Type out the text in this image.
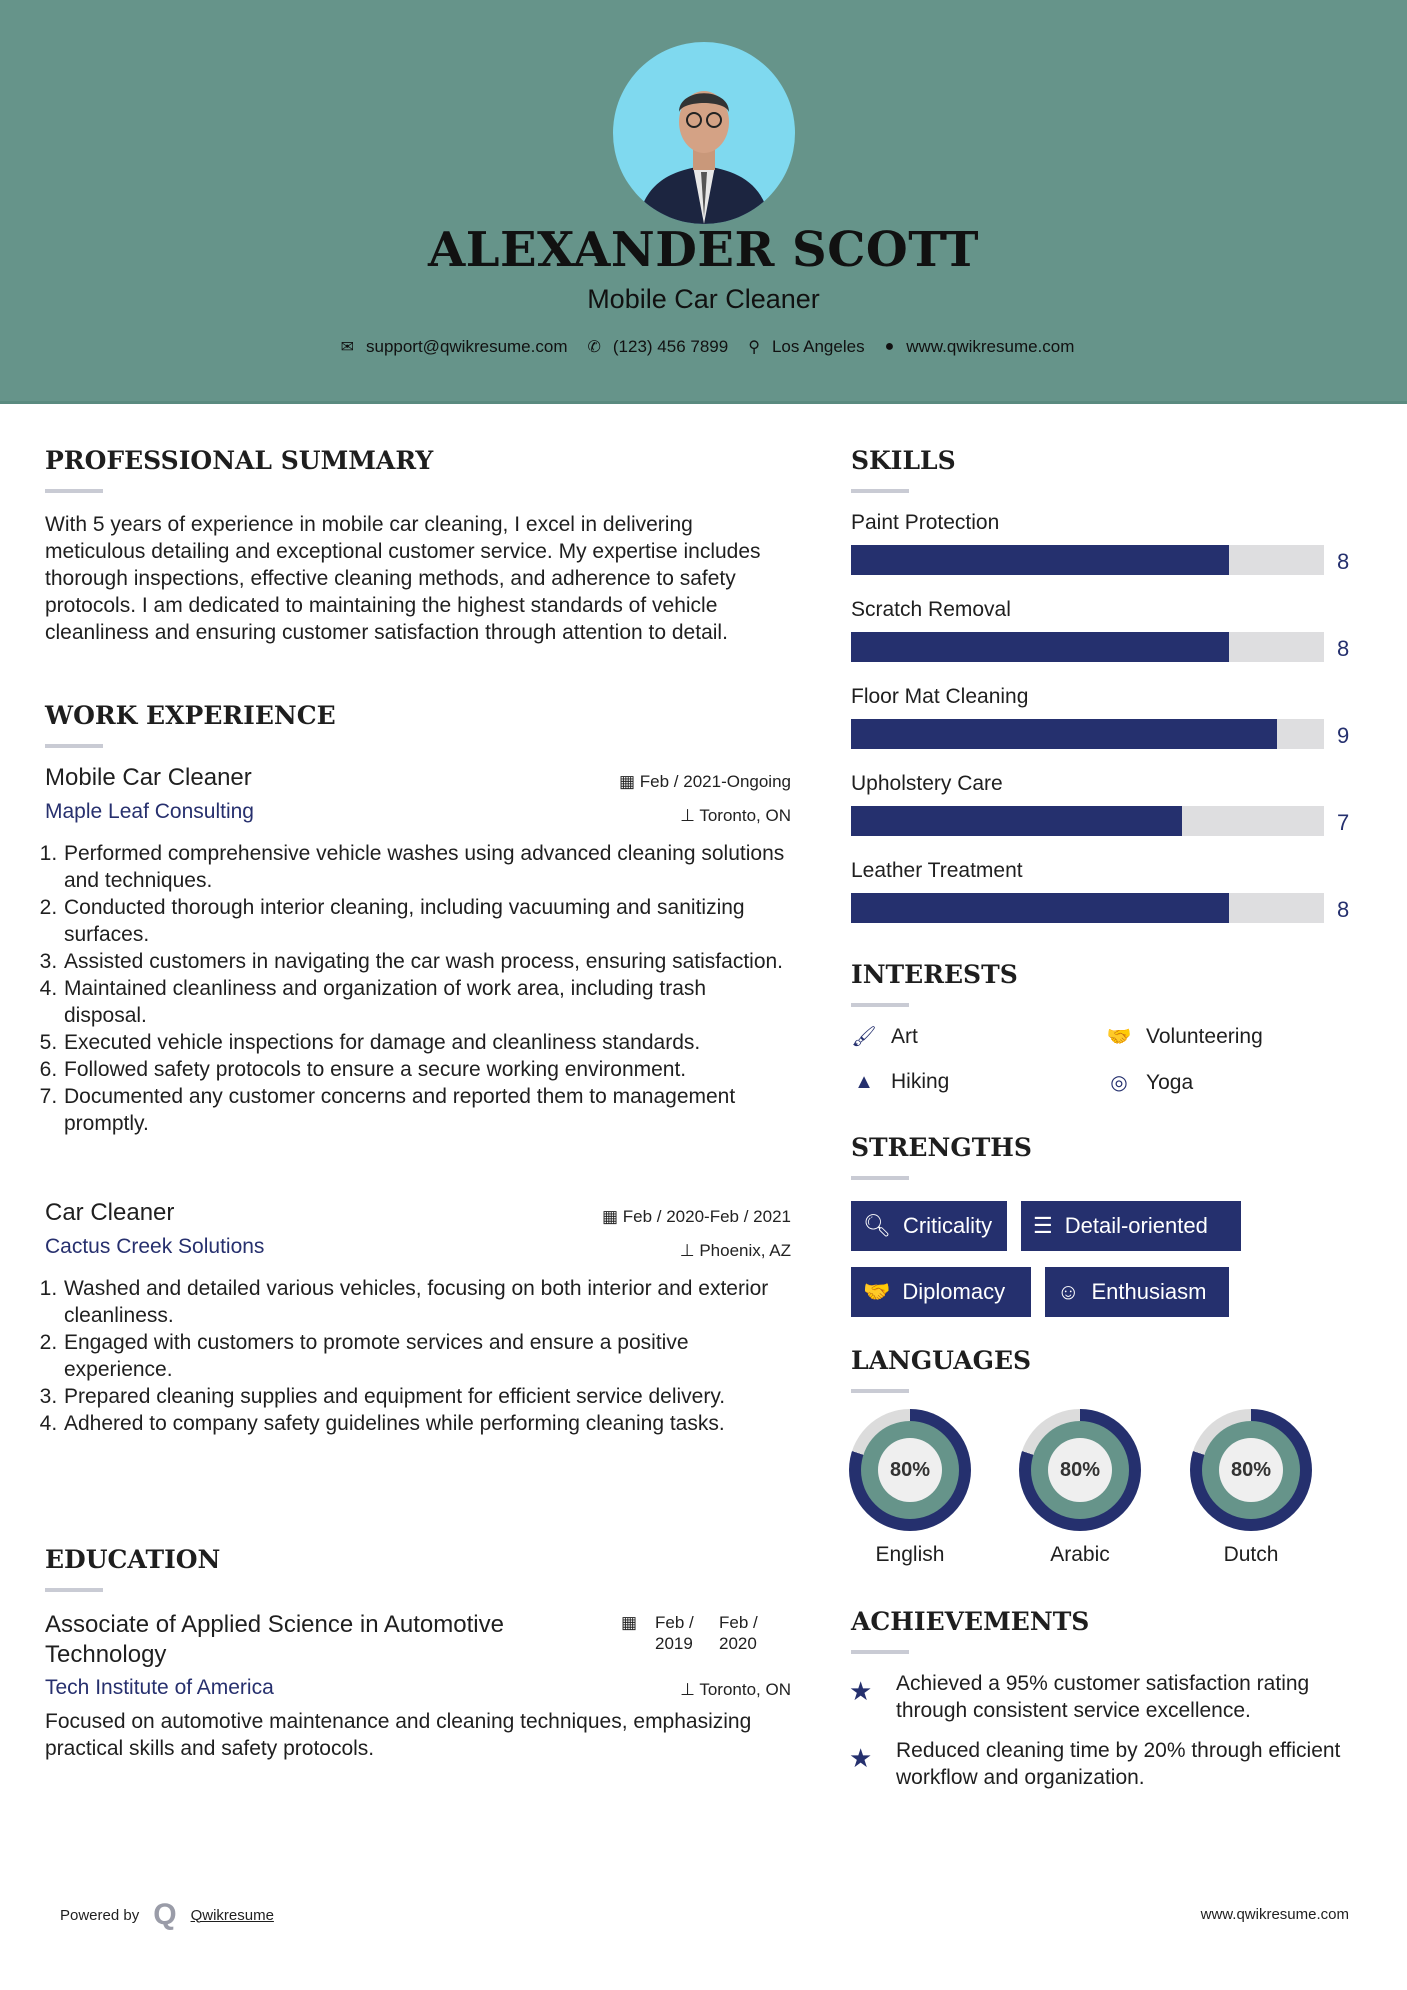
ALEXANDER SCOTT
Mobile Car Cleaner
✉ support@qwikresume.com ✆ (123) 456 7899 ⚲ Los Angeles ● www.qwikresume.com
PROFESSIONAL SUMMARY
With 5 years of experience in mobile car cleaning, I excel in delivering meticulous detailing and exceptional customer service. My expertise includes thorough inspections, effective cleaning methods, and adherence to safety protocols. I am dedicated to maintaining the highest standards of vehicle cleanliness and ensuring customer satisfaction through attention to detail.
WORK EXPERIENCE
Mobile Car Cleaner
Maple Leaf Consulting
▦ Feb / 2021-Ongoing
⊥ Toronto, ON
1. Performed comprehensive vehicle washes using advanced cleaning solutions and techniques.
2. Conducted thorough interior cleaning, including vacuuming and sanitizing surfaces.
3. Assisted customers in navigating the car wash process, ensuring satisfaction.
4. Maintained cleanliness and organization of work area, including trash disposal.
5. Executed vehicle inspections for damage and cleanliness standards.
6. Followed safety protocols to ensure a secure working environment.
7. Documented any customer concerns and reported them to management promptly.
Car Cleaner
Cactus Creek Solutions
▦ Feb / 2020-Feb / 2021
⊥ Phoenix, AZ
1. Washed and detailed various vehicles, focusing on both interior and exterior cleanliness.
2. Engaged with customers to promote services and ensure a positive experience.
3. Prepared cleaning supplies and equipment for efficient service delivery.
4. Adhered to company safety guidelines while performing cleaning tasks.
EDUCATION
Associate of Applied Science in Automotive Technology
Tech Institute of America
▦ Feb / 2019
Feb / 2020
⊥ Toronto, ON
Focused on automotive maintenance and cleaning techniques, emphasizing practical skills and safety protocols.
SKILLS
Paint Protection
8
Scratch Removal
8
Floor Mat Cleaning
9
Upholstery Care
7
Leather Treatment
8
INTERESTS
🖌 Art	🤝 Volunteering
▲ Hiking	◎ Yoga
STRENGTHS
🔍︎ Criticality ☰ Detail-oriented
🤝 Diplomacy ☺ Enthusiasm
LANGUAGES
80%
English
80%
Arabic
80%
Dutch
ACHIEVEMENTS
★ Achieved a 95% customer satisfaction rating through consistent service excellence.
★ Reduced cleaning time by 20% through efficient workflow and organization.
Powered by Q Qwikresume	www.qwikresume.com
